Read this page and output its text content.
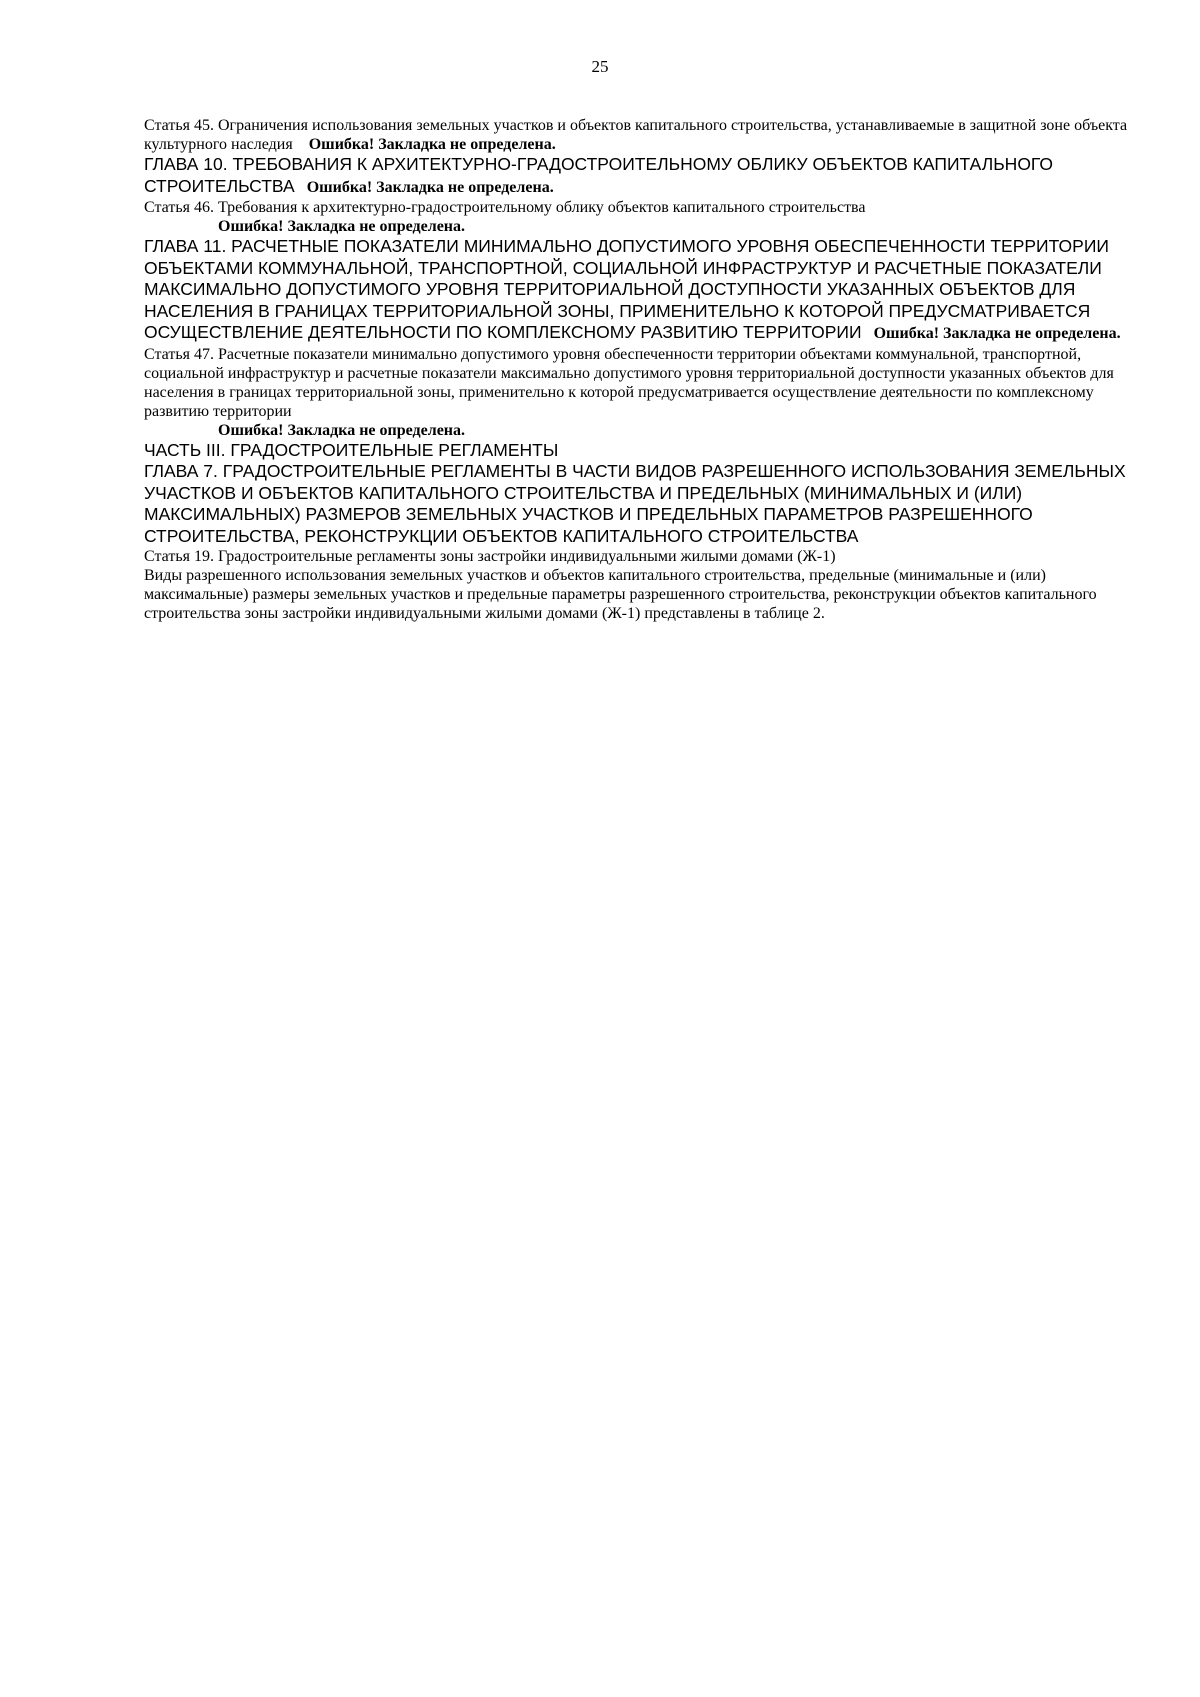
25

Статья 45. Ограничения использования земельных участков и объектов капитального строительства, устанавливаемые в защитной зоне объекта культурного наследия Ошибка! Закладка не определена.

ГЛАВА 10. ТРЕБОВАНИЯ К АРХИТЕКТУРНО-ГРАДОСТРОИТЕЛЬНОМУ ОБЛИКУ ОБЪЕКТОВ КАПИТАЛЬНОГО СТРОИТЕЛЬСТВА Ошибка! Закладка не определена.

Статья 46. Требования к архитектурно-градостроительному облику объектов капитального строительства
Ошибка! Закладка не определена.

ГЛАВА 11. РАСЧЕТНЫЕ ПОКАЗАТЕЛИ МИНИМАЛЬНО ДОПУСТИМОГО УРОВНЯ ОБЕСПЕЧЕННОСТИ ТЕРРИТОРИИ ОБЪЕКТАМИ КОММУНАЛЬНОЙ, ТРАНСПОРТНОЙ, СОЦИАЛЬНОЙ ИНФРАСТРУКТУР И РАСЧЕТНЫЕ ПОКАЗАТЕЛИ МАКСИМАЛЬНО ДОПУСТИМОГО УРОВНЯ ТЕРРИТОРИАЛЬНОЙ ДОСТУПНОСТИ УКАЗАННЫХ ОБЪЕКТОВ ДЛЯ НАСЕЛЕНИЯ В ГРАНИЦАХ ТЕРРИТОРИАЛЬНОЙ ЗОНЫ, ПРИМЕНИТЕЛЬНО К КОТОРОЙ ПРЕДУСМАТРИВАЕТСЯ ОСУЩЕСТВЛЕНИЕ ДЕЯТЕЛЬНОСТИ ПО КОМПЛЕКСНОМУ РАЗВИТИЮ ТЕРРИТОРИИ Ошибка! Закладка не определена.

Статья 47. Расчетные показатели минимально допустимого уровня обеспеченности территории объектами коммунальной, транспортной, социальной инфраструктур и расчетные показатели максимально допустимого уровня территориальной доступности указанных объектов для населения в границах территориальной зоны, применительно к которой предусматривается осуществление деятельности по комплексному развитию территории
Ошибка! Закладка не определена.

ЧАСТЬ III. ГРАДОСТРОИТЕЛЬНЫЕ РЕГЛАМЕНТЫ

ГЛАВА 7. ГРАДОСТРОИТЕЛЬНЫЕ РЕГЛАМЕНТЫ В ЧАСТИ ВИДОВ РАЗРЕШЕННОГО ИСПОЛЬЗОВАНИЯ ЗЕМЕЛЬНЫХ УЧАСТКОВ И ОБЪЕКТОВ КАПИТАЛЬНОГО СТРОИТЕЛЬСТВА И ПРЕДЕЛЬНЫХ (МИНИМАЛЬНЫХ И (ИЛИ) МАКСИМАЛЬНЫХ) РАЗМЕРОВ ЗЕМЕЛЬНЫХ УЧАСТКОВ И ПРЕДЕЛЬНЫХ ПАРАМЕТРОВ РАЗРЕШЕННОГО СТРОИТЕЛЬСТВА, РЕКОНСТРУКЦИИ ОБЪЕКТОВ КАПИТАЛЬНОГО СТРОИТЕЛЬСТВА

Статья 19. Градостроительные регламенты зоны застройки индивидуальными жилыми домами (Ж-1)

Виды разрешенного использования земельных участков и объектов капитального строительства, предельные (минимальные и (или) максимальные) размеры земельных участков и предельные параметры разрешенного строительства, реконструкции объектов капитального строительства зоны застройки индивидуальными жилыми домами (Ж-1) представлены в таблице 2.
